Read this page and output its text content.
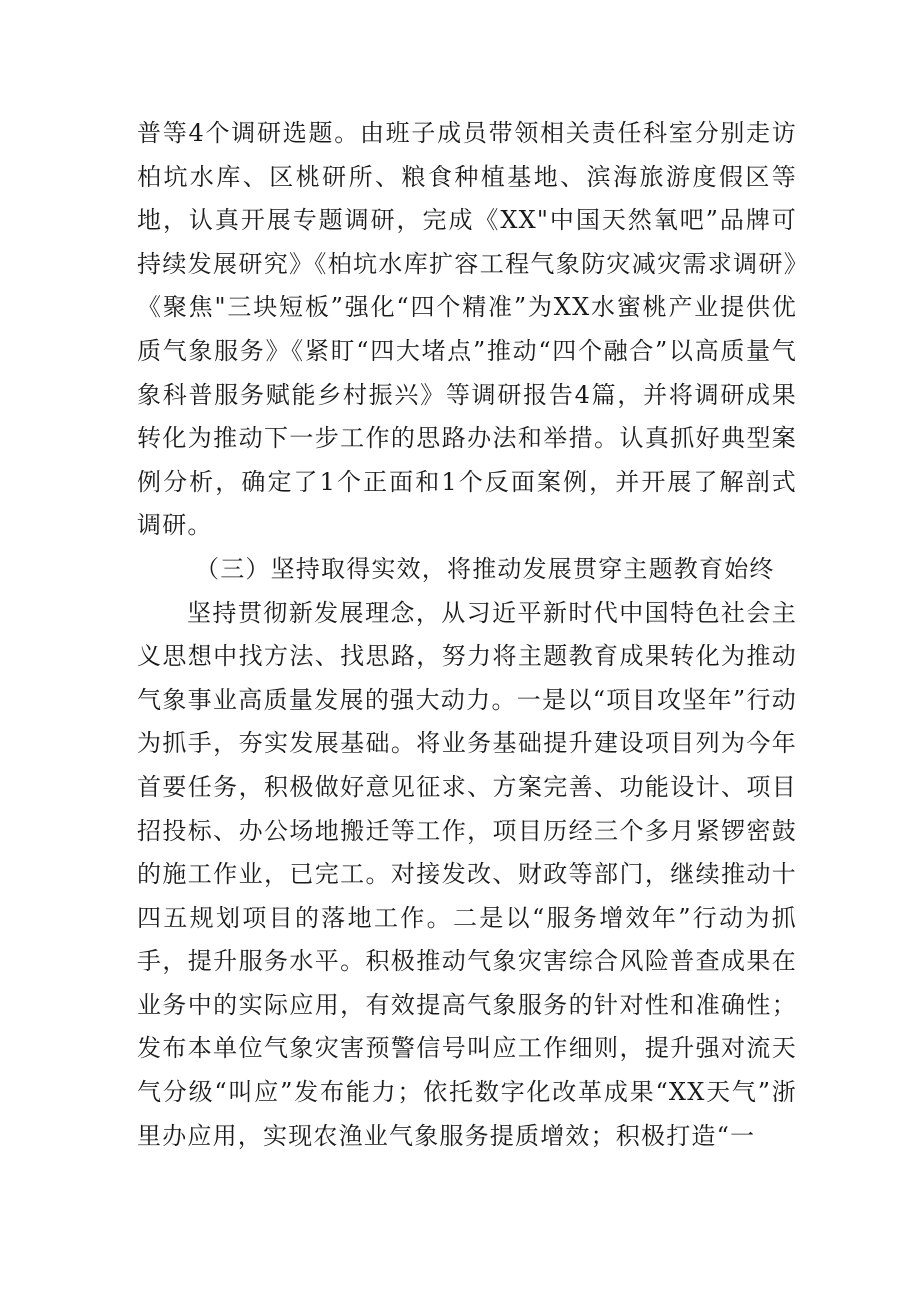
普等4个调研选题。由班子成员带领相关责任科室分别走访柏坑水库、区桃研所、粮食种植基地、滨海旅游度假区等地，认真开展专题调研，完成《XX"中国天然氧吧”品牌可持续发展研究》《柏坑水库扩容工程气象防灾减灾需求调研》《聚焦"三块短板”强化“四个精准”为XX水蜜桃产业提供优质气象服务》《紧盯“四大堵点”推动“四个融合”以高质量气象科普服务赋能乡村振兴》等调研报告4篇，并将调研成果转化为推动下一步工作的思路办法和举措。认真抓好典型案例分析，确定了1个正面和1个反面案例，并开展了解剖式调研。

（三）坚持取得实效，将推动发展贯穿主题教育始终

坚持贯彻新发展理念，从习近平新时代中国特色社会主义思想中找方法、找思路，努力将主题教育成果转化为推动气象事业高质量发展的强大动力。一是以“项目攻坚年”行动为抓手，夯实发展基础。将业务基础提升建设项目列为今年首要任务，积极做好意见征求、方案完善、功能设计、项目招投标、办公场地搬迁等工作，项目历经三个多月紧锣密鼓的施工作业，已完工。对接发改、财政等部门，继续推动十四五规划项目的落地工作。二是以“服务增效年”行动为抓手，提升服务水平。积极推动气象灾害综合风险普查成果在业务中的实际应用，有效提高气象服务的针对性和准确性；发布本单位气象灾害预警信号叫应工作细则，提升强对流天气分级“叫应”发布能力；依托数字化改革成果“XX天气”浙里办应用，实现农渔业气象服务提质增效；积极打造“一
